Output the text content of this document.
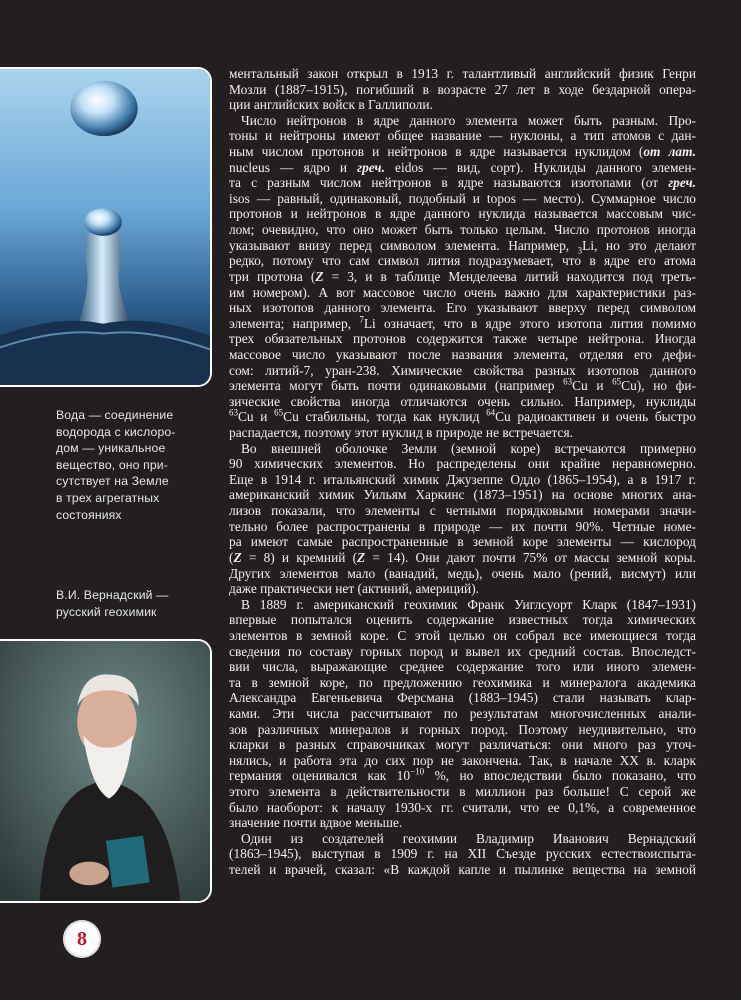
Вода — соединение
водорода с кислоро-
дом — уникальное
вещество, оно при-
сутствует на Земле
в трех агрегатных
состояниях
В.И. Вернадский —
русский геохимик
ментальный закон открыл в 1913 г. талантливый английский физик Генри
Мозли (1887–1915), погибший в возрасте 27 лет в ходе бездарной опера-
ции английских войск в Галлиполи.
Число нейтронов в ядре данного элемента может быть разным. Про-
тоны и нейтроны имеют общее название — нуклоны, а тип атомов с дан-
ным числом протонов и нейтронов в ядре называется нуклидом (от лат.
nucleus — ядро и греч. eidos — вид, сорт). Нуклиды данного элемен-
та с разным числом нейтронов в ядре называются изотопами (от греч.
isos — равный, одинаковый, подобный и topos — место). Суммарное число
протонов и нейтронов в ядре данного нуклида называется массовым чис-
лом; очевидно, что оно может быть только целым. Число протонов иногда
указывают внизу перед символом элемента. Например, $_3$Li, но это делают
редко, потому что сам символ лития подразумевает, что в ядре его атома
три протона (Z = 3, и в таблице Менделеева литий находится под треть-
им номером). А вот массовое число очень важно для характеристики раз-
ных изотопов данного элемента. Его указывают вверху перед символом
элемента; например, $^7$Li означает, что в ядре этого изотопа лития помимо
трех обязательных протонов содержится также четыре нейтрона. Иногда
массовое число указывают после названия элемента, отделяя его дефи-
сом: литий-7, уран-238. Химические свойства разных изотопов данного
элемента могут быть почти одинаковыми (например $^{63}$Cu и $^{65}$Cu), но фи-
зические свойства иногда отличаются очень сильно. Например, нуклиды
$^{63}$Cu и $^{65}$Cu стабильны, тогда как нуклид $^{64}$Cu радиоактивен и очень быстро
распадается, поэтому этот нуклид в природе не встречается.
Во внешней оболочке Земли (земной коре) встречаются примерно
90 химических элементов. Но распределены они крайне неравномерно.
Еще в 1914 г. итальянский химик Джузеппе Оддо (1865–1954), а в 1917 г.
американский химик Уильям Харкинс (1873–1951) на основе многих ана-
лизов показали, что элементы с четными порядковыми номерами значи-
тельно более распространены в природе — их почти 90%. Четные номе-
ра имеют самые распространенные в земной коре элементы — кислород
(Z = 8) и кремний (Z = 14). Они дают почти 75% от массы земной коры.
Других элементов мало (ванадий, медь), очень мало (рений, висмут) или
даже практически нет (актиний, америций).
В 1889 г. американский геохимик Франк Уиглсуорт Кларк (1847–1931)
впервые попытался оценить содержание известных тогда химических
элементов в земной коре. С этой целью он собрал все имеющиеся тогда
сведения по составу горных пород и вывел их средний состав. Впоследст-
вии числа, выражающие среднее содержание того или иного элемен-
та в земной коре, по предложению геохимика и минералога академика
Александра Евгеньевича Ферсмана (1883–1945) стали называть клар-
ками. Эти числа рассчитывают по результатам многочисленных анали-
зов различных минералов и горных пород. Поэтому неудивительно, что
кларки в разных справочниках могут различаться: они много раз уточ-
нялись, и работа эта до сих пор не закончена. Так, в начале XX в. кларк
германия оценивался как $10^{-10}$ %, но впоследствии было показано, что
этого элемента в действительности в миллион раз больше! С серой же
было наоборот: к началу 1930-х гг. считали, что ее 0,1%, а современное
значение почти вдвое меньше.
Один из создателей геохимии Владимир Иванович Вернадский
(1863–1945), выступая в 1909 г. на XII Съезде русских естествоиспыта-
телей и врачей, сказал: «В каждой капле и пылинке вещества на земной
8
